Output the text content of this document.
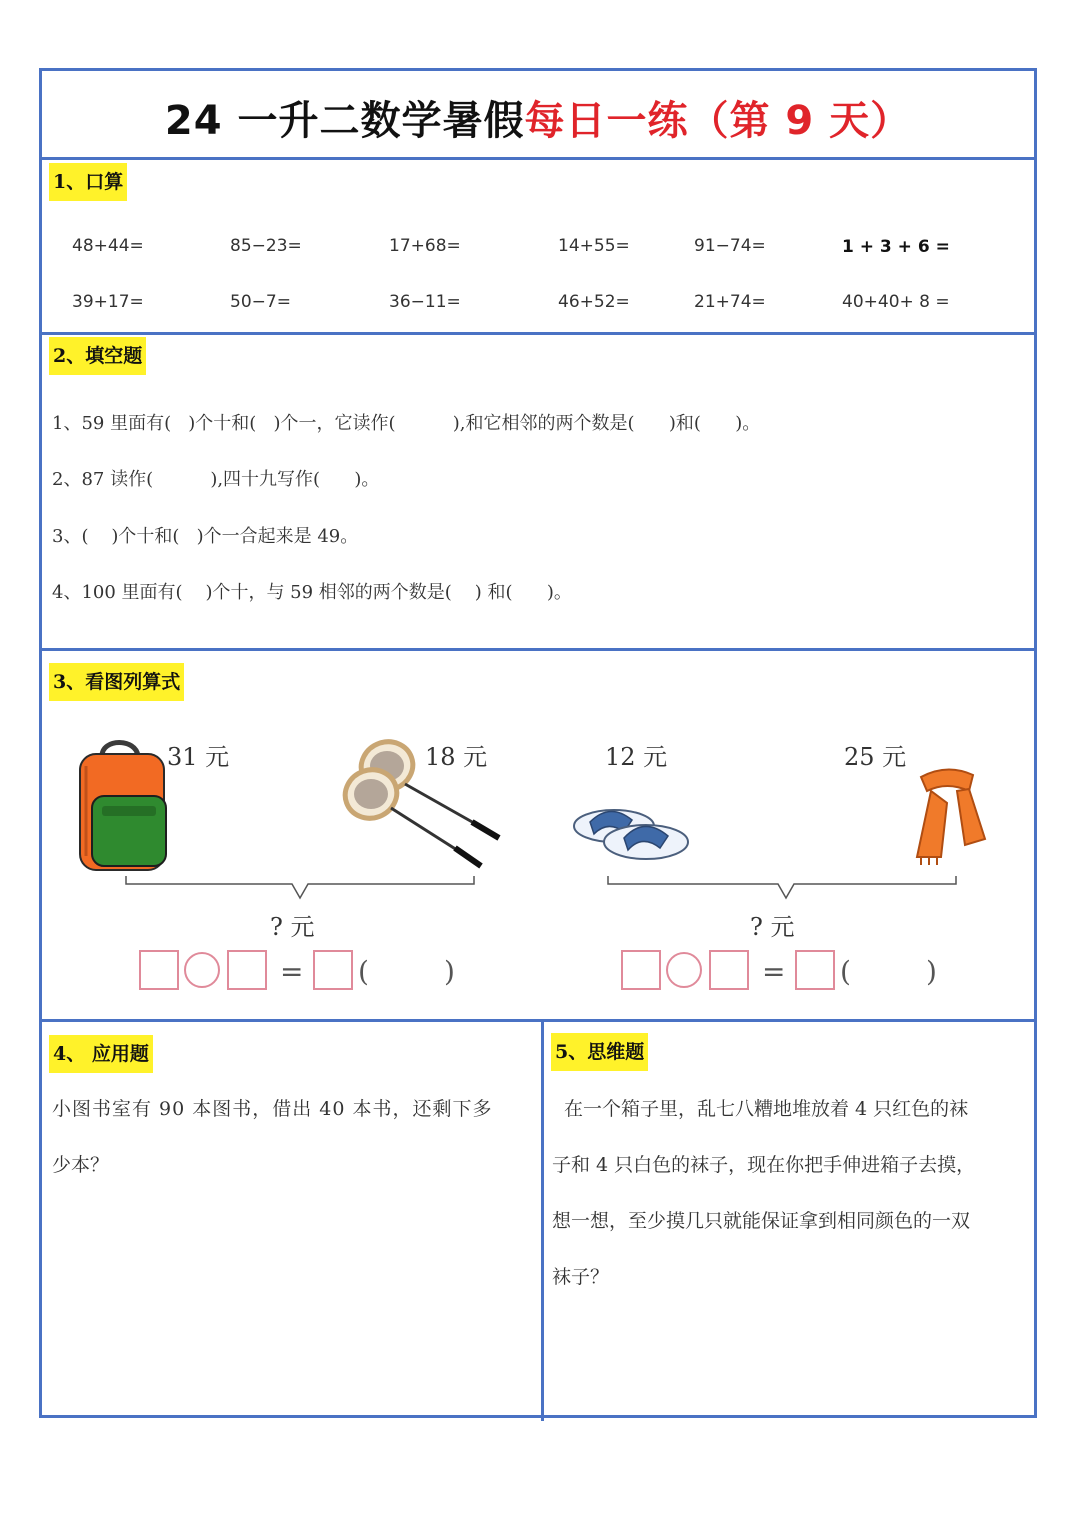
24 一升二数学暑假每日一练（第 9 天）
1、口算
48+44=	85−23=	17+68=	14+55=	91−74=	1 + 3 + 6 =
39+17=	50−7=	36−11=	46+52=	21+74=	40+40+ 8 =
2、填空题
1、59 里面有(   )个十和(   )个一，它读作(          ),和它相邻的两个数是(      )和(      )。
2、87 读作(          ),四十九写作(      )。
3、(    )个十和(   )个一合起来是 49。
4、100 里面有(    )个十，与 59 相邻的两个数是(    ) 和(      )。
3、看图列算式
31 元	18 元	12 元	25 元
? 元	? 元
= (	)	= (	)
4、 应用题
小图书室有 90 本图书，借出 40 本书，还剩下多
少本？
5、思维题
在一个箱子里，乱七八糟地堆放着 4 只红色的袜
子和 4 只白色的袜子，现在你把手伸进箱子去摸，
想一想，至少摸几只就能保证拿到相同颜色的一双
袜子？
